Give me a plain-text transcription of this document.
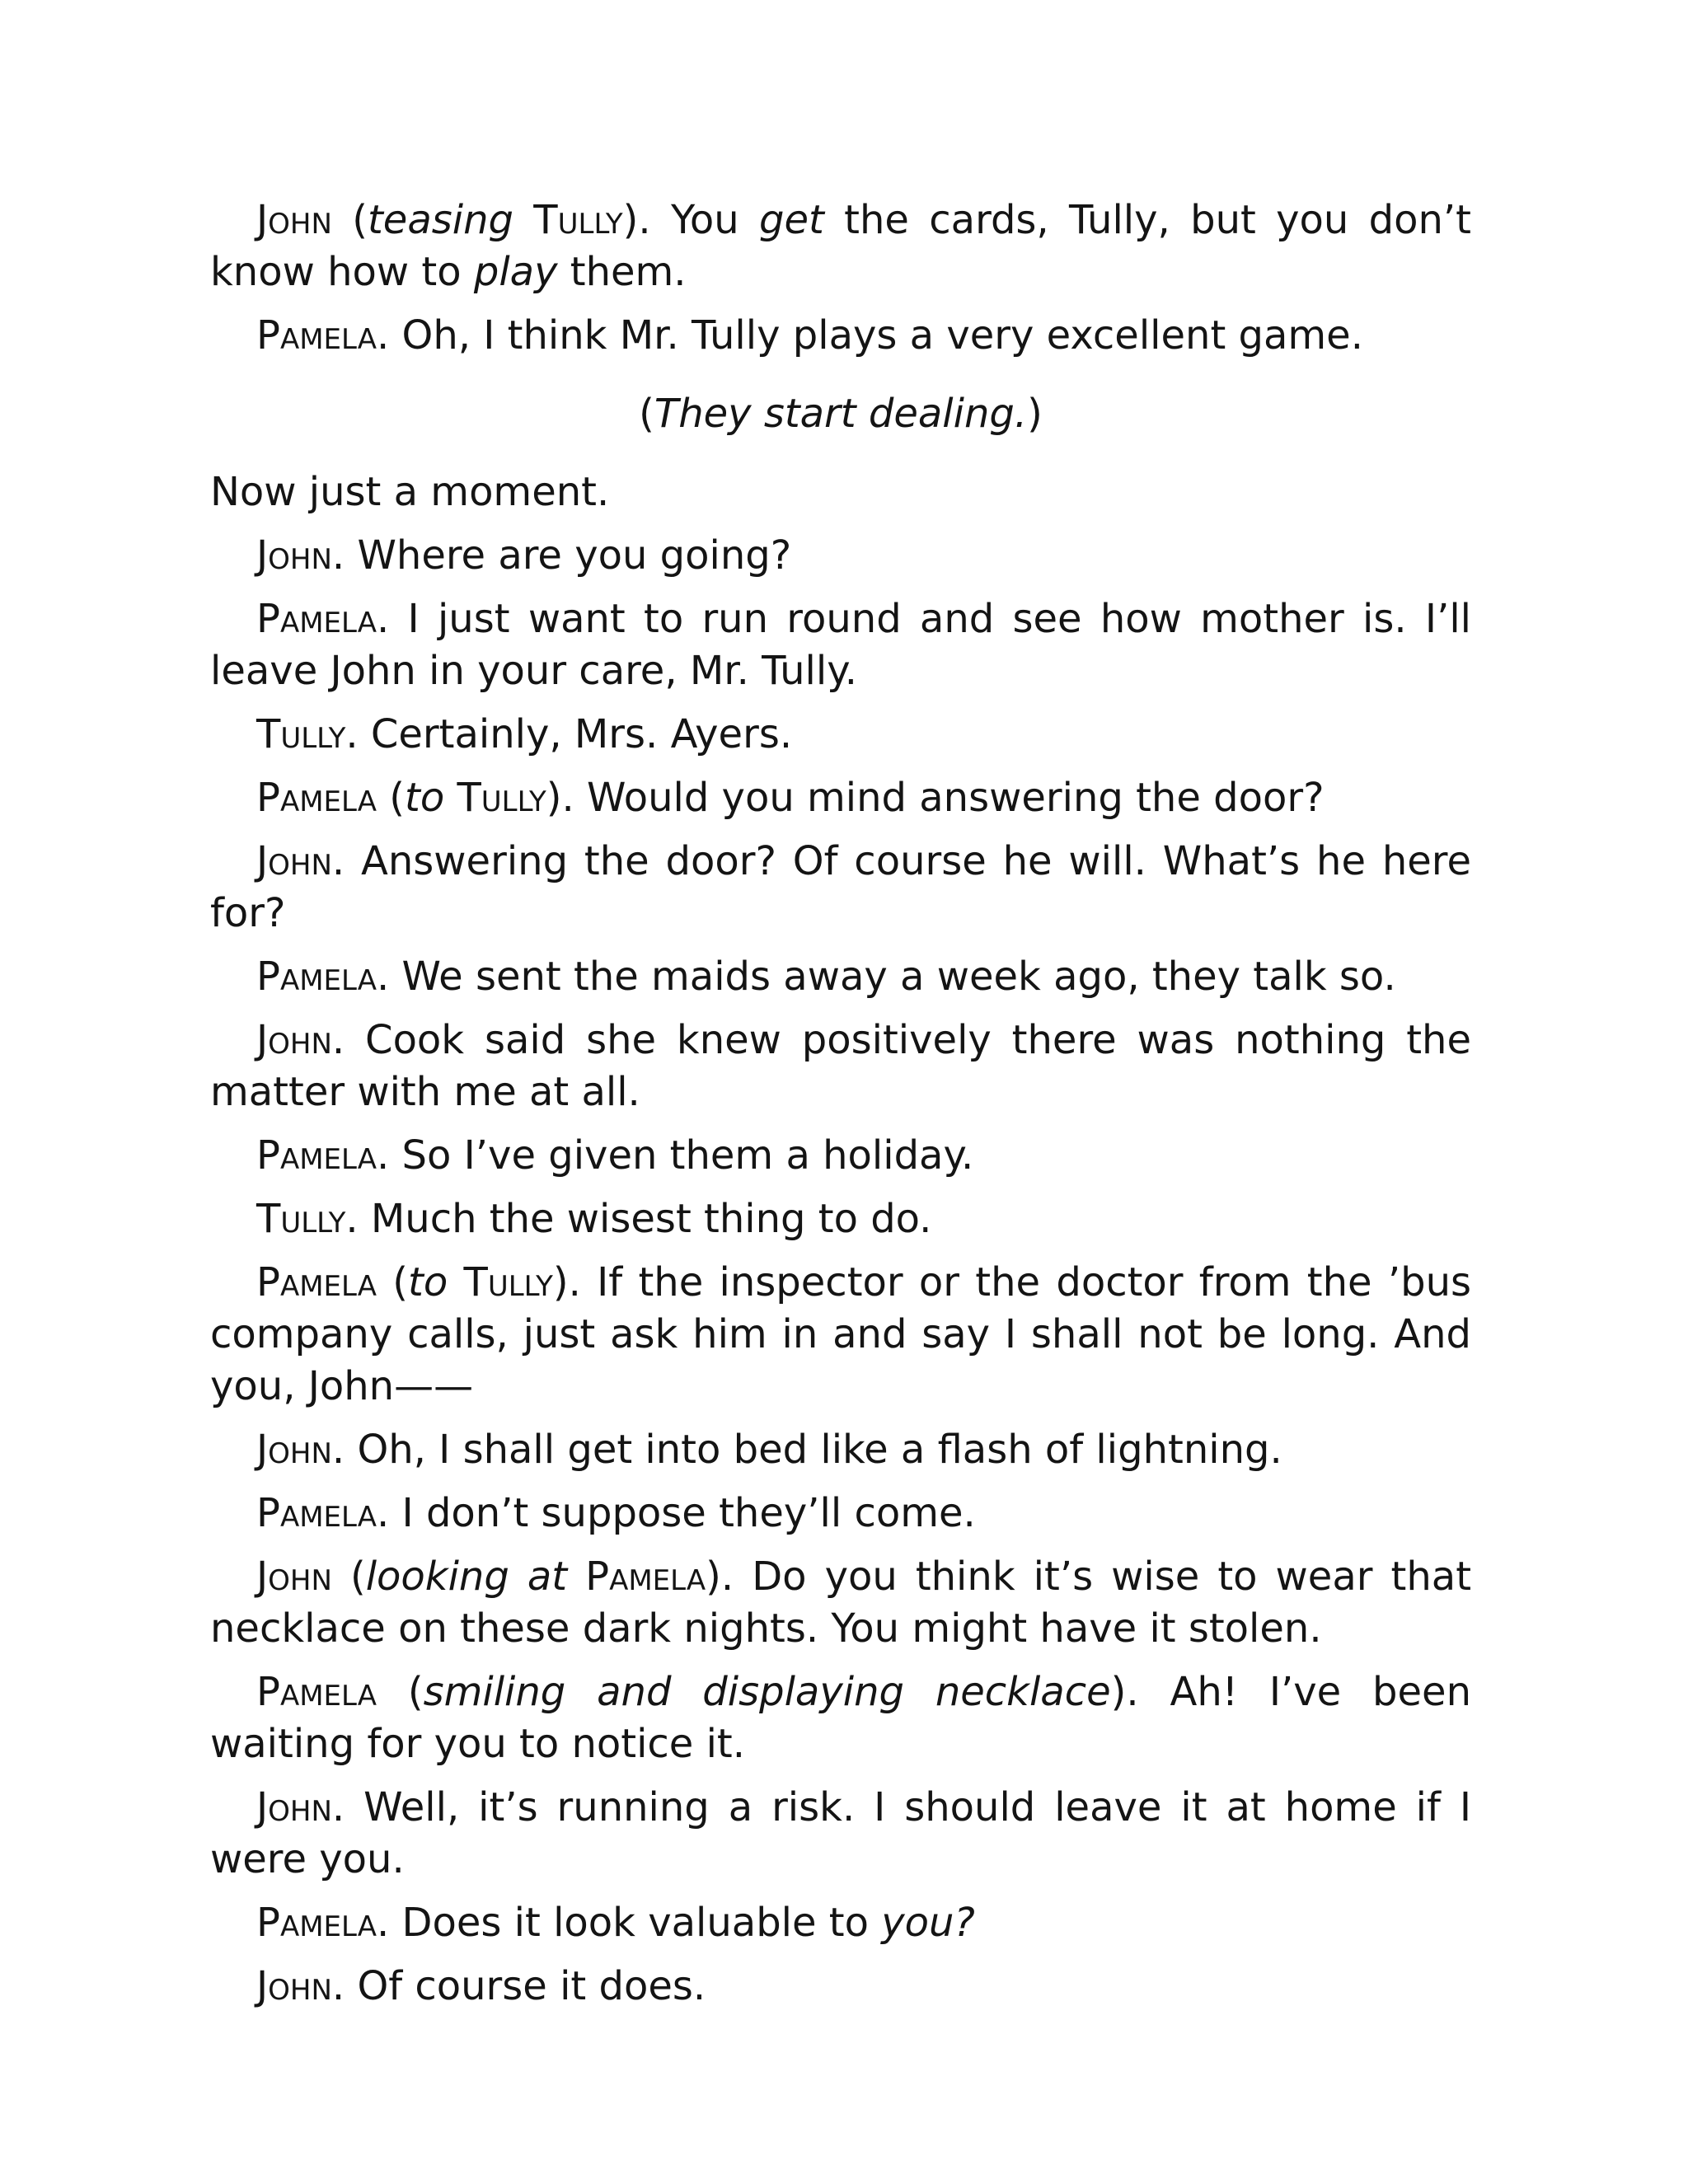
John (teasing Tully). You get the cards, Tully, but you don’t know how to play them.

Pamela. Oh, I think Mr. Tully plays a very excellent game.

(They start dealing.)

Now just a moment.

John. Where are you going?

Pamela. I just want to run round and see how mother is. I’ll leave John in your care, Mr. Tully.

Tully. Certainly, Mrs. Ayers.

Pamela (to Tully). Would you mind answering the door?

John. Answering the door? Of course he will. What’s he here for?

Pamela. We sent the maids away a week ago, they talk so.

John. Cook said she knew positively there was nothing the matter with me at all.

Pamela. So I’ve given them a holiday.

Tully. Much the wisest thing to do.

Pamela (to Tully). If the inspector or the doctor from the ’bus company calls, just ask him in and say I shall not be long. And you, John——

John. Oh, I shall get into bed like a flash of lightning.

Pamela. I don’t suppose they’ll come.

John (looking at Pamela). Do you think it’s wise to wear that necklace on these dark nights. You might have it stolen.

Pamela (smiling and displaying necklace). Ah! I’ve been waiting for you to notice it.

John. Well, it’s running a risk. I should leave it at home if I were you.

Pamela. Does it look valuable to you?

John. Of course it does.
